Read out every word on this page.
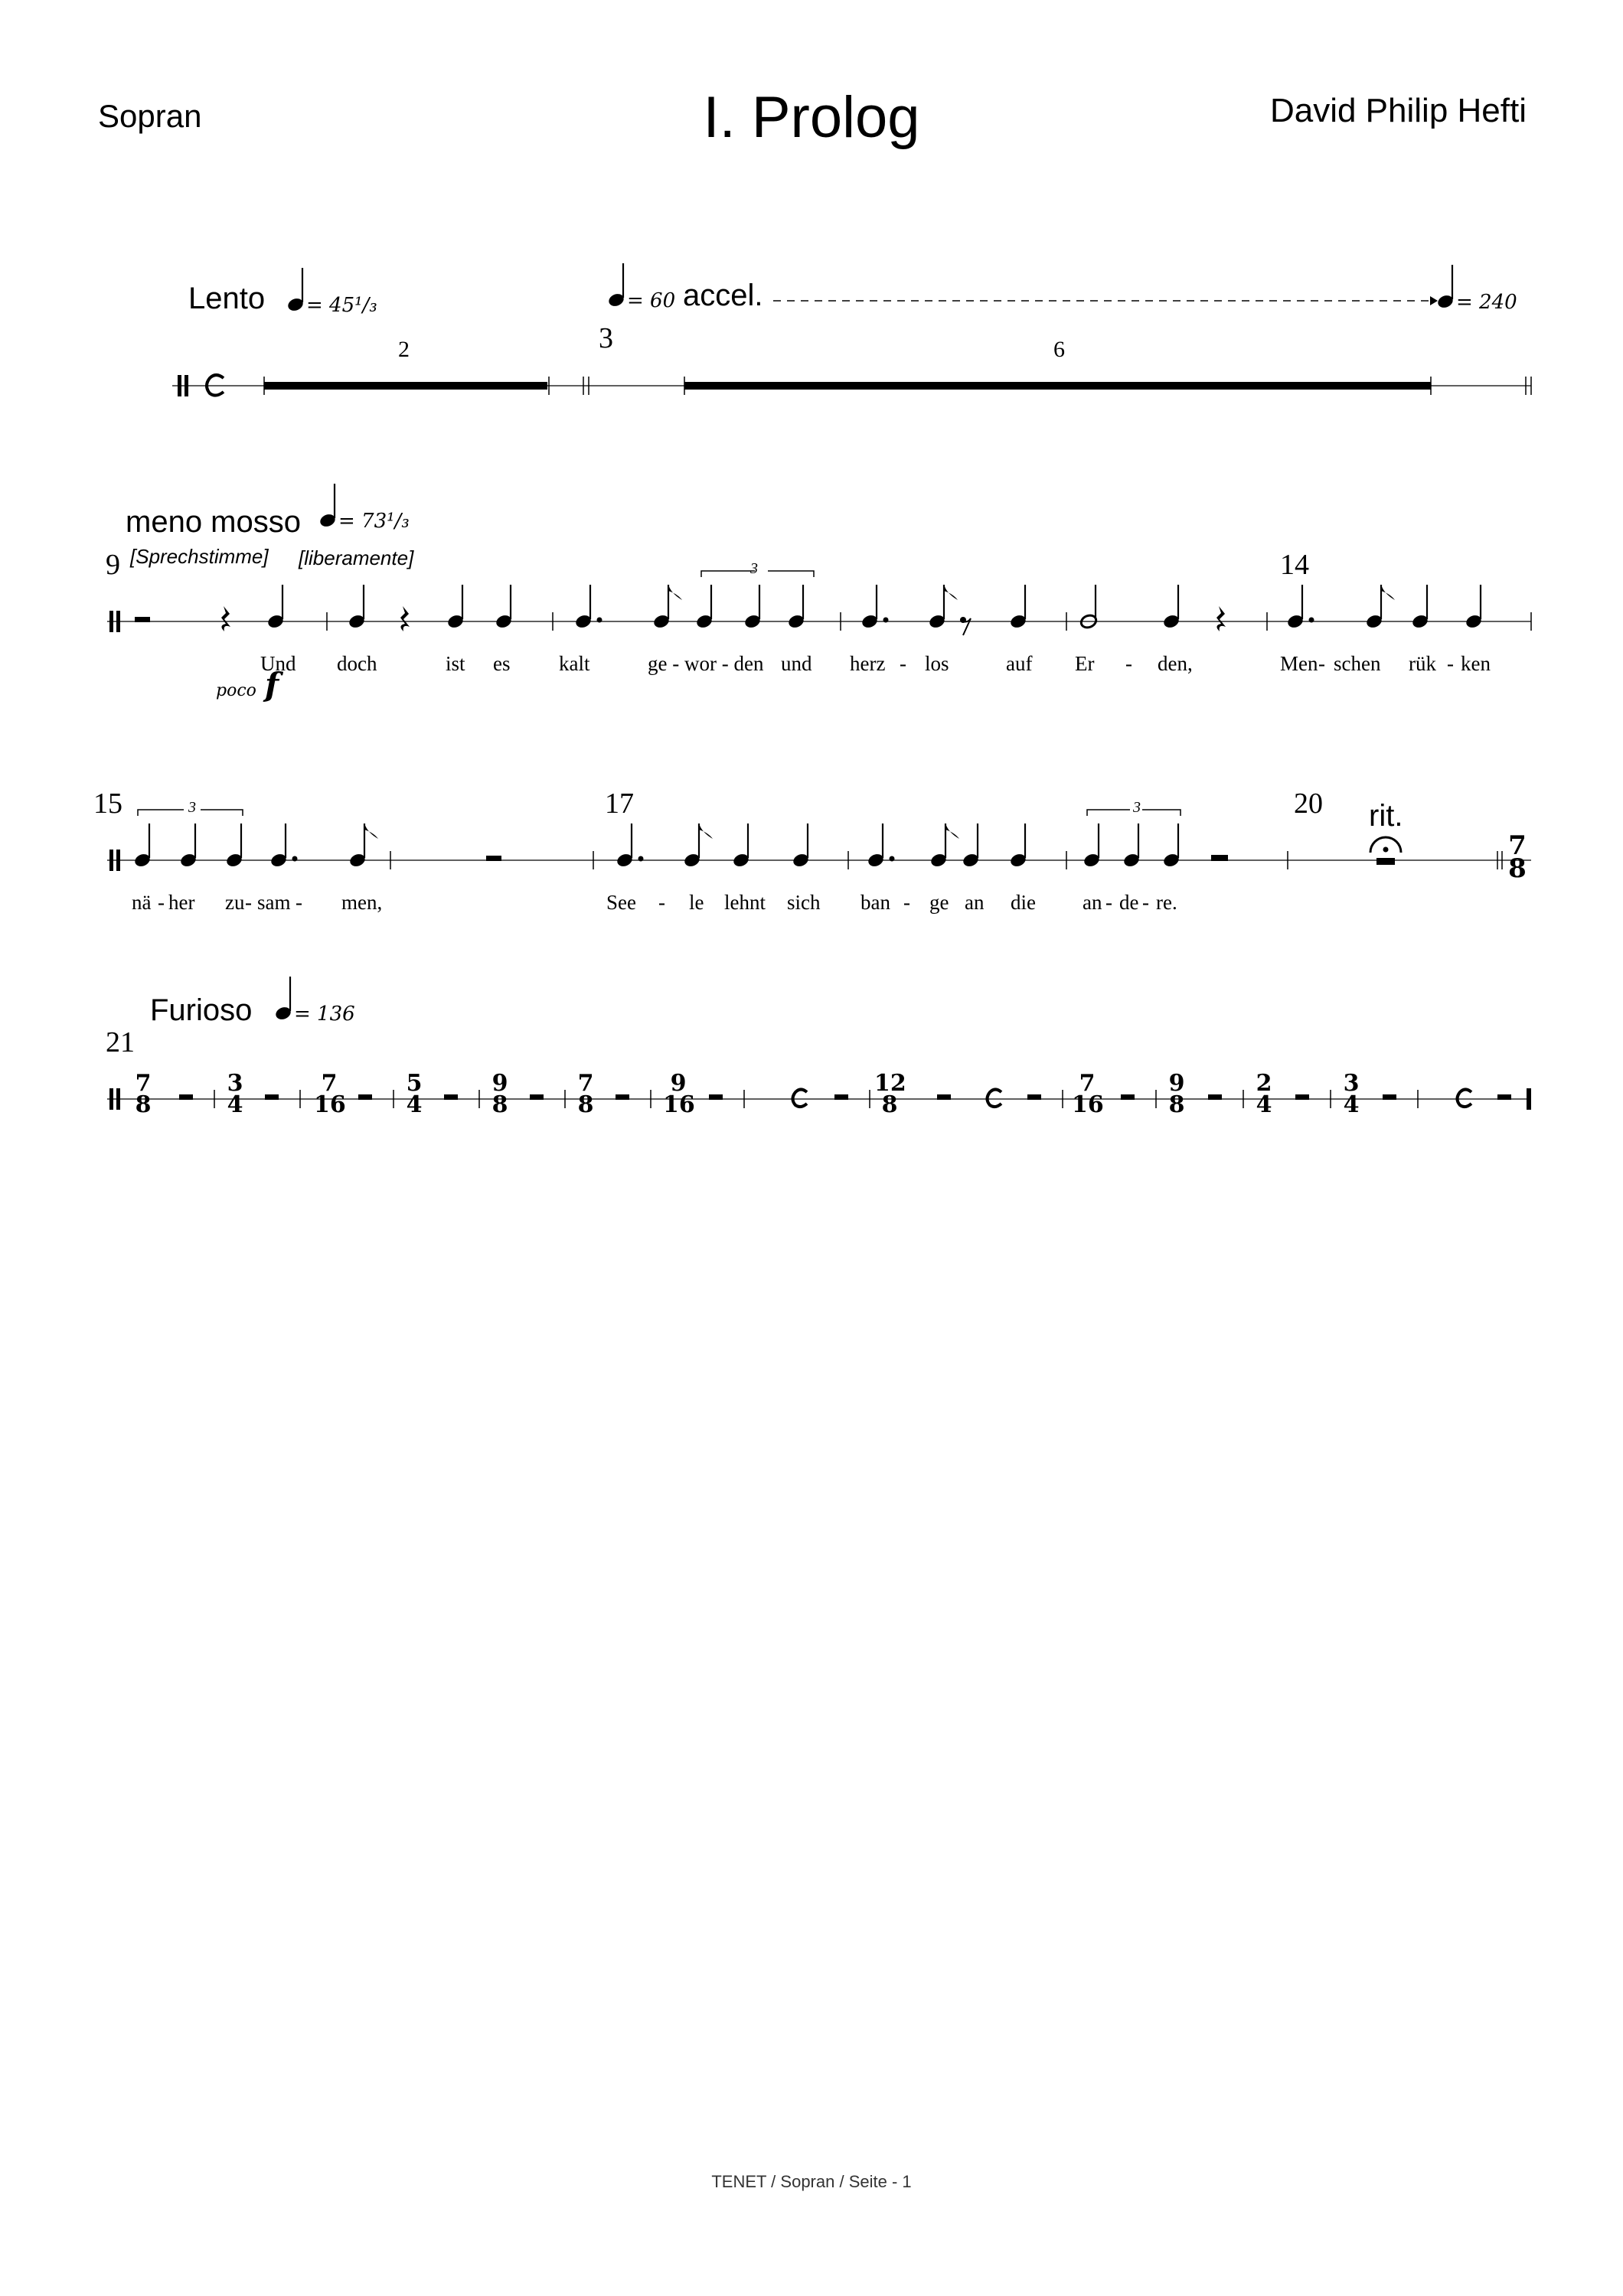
Sopran	I. Prolog	David Philip Hefti
Lento = 45¹/₃	= 60 accel.	= 240
2	3	6
meno mosso = 73¹/₃
9	14
[Sprechstimme] [liberamente]	3
poco f
Und doch	ist es kalt	ge - wor - den und herz - los	auf Er - den,	Men - schen rük - ken
15	17	20 rit.
3	3
7
8
nä - her zu - sam - men,	See - le lehnt sich ban - ge an die an - de - re.
Furioso = 136
21
7
8
3
4
7
16
5
4
9
8
7
8
9
16
12
8
7
16
9
8
2
4
3
4
TENET / Sopran / Seite - 1
